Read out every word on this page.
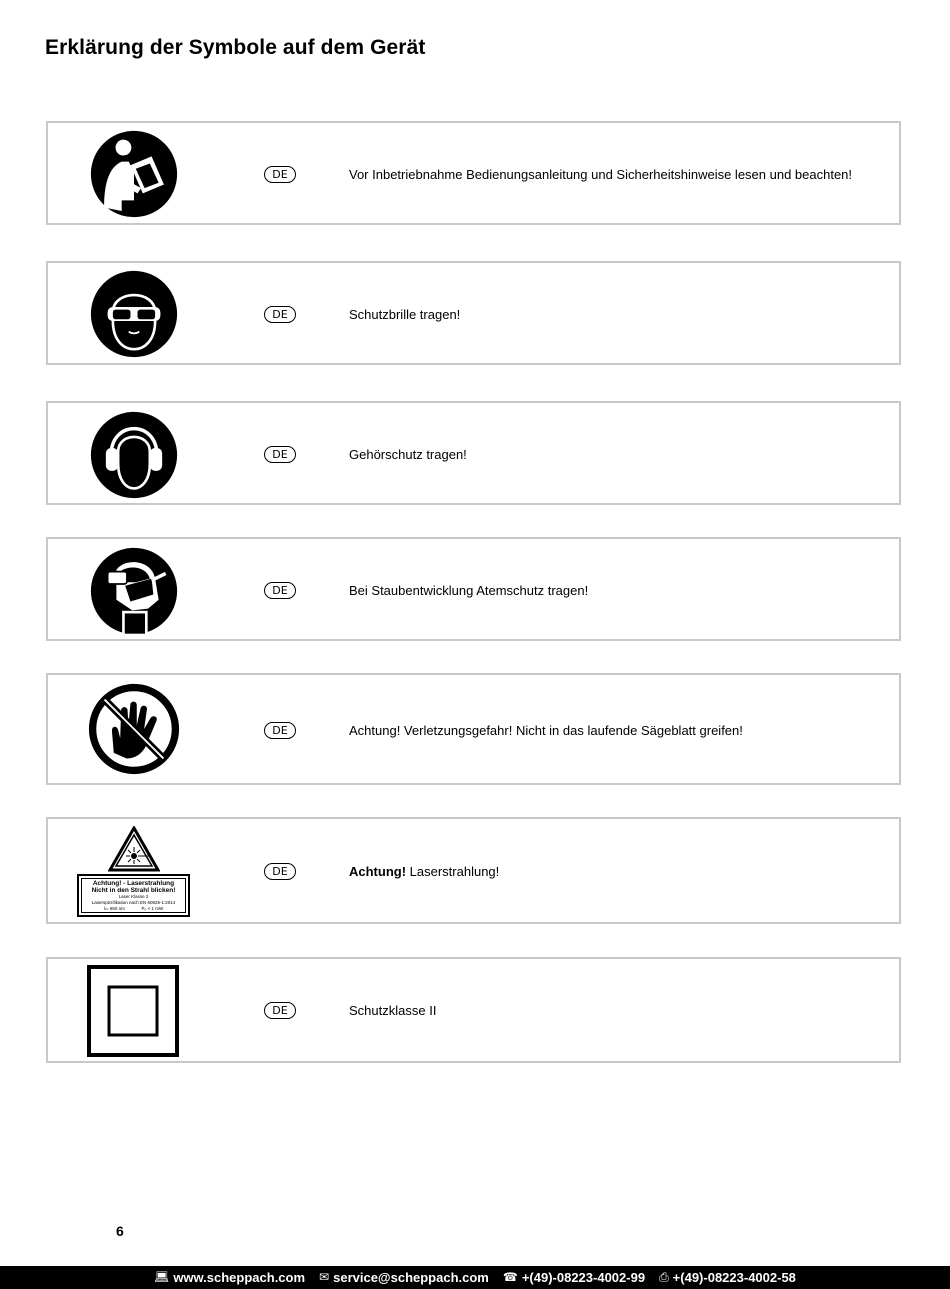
Erklärung der Symbole auf dem Gerät
DE	Vor Inbetriebnahme Bedienungsanleitung und Sicherheitshinweise lesen und beachten!
DE	Schutzbrille tragen!
DE	Gehörschutz tragen!
DE	Bei Staubentwicklung Atemschutz tragen!
DE	Achtung! Verletzungsgefahr! Nicht in das laufende Sägeblatt greifen!
Achtung! - Laserstrahlung
Nicht in den Strahl blicken!
Laser Klasse 2
Laserspezifikation nach EN 60825-1:2014
λ= 650 nm	P₀ < 1 mW
DE	Achtung! Laserstrahlung!
DE	Schutzklasse II
6
💻︎ www.scheppach.com ✉ service@scheppach.com ☎ +(49)-08223-4002-99 ⎙ +(49)-08223-4002-58
